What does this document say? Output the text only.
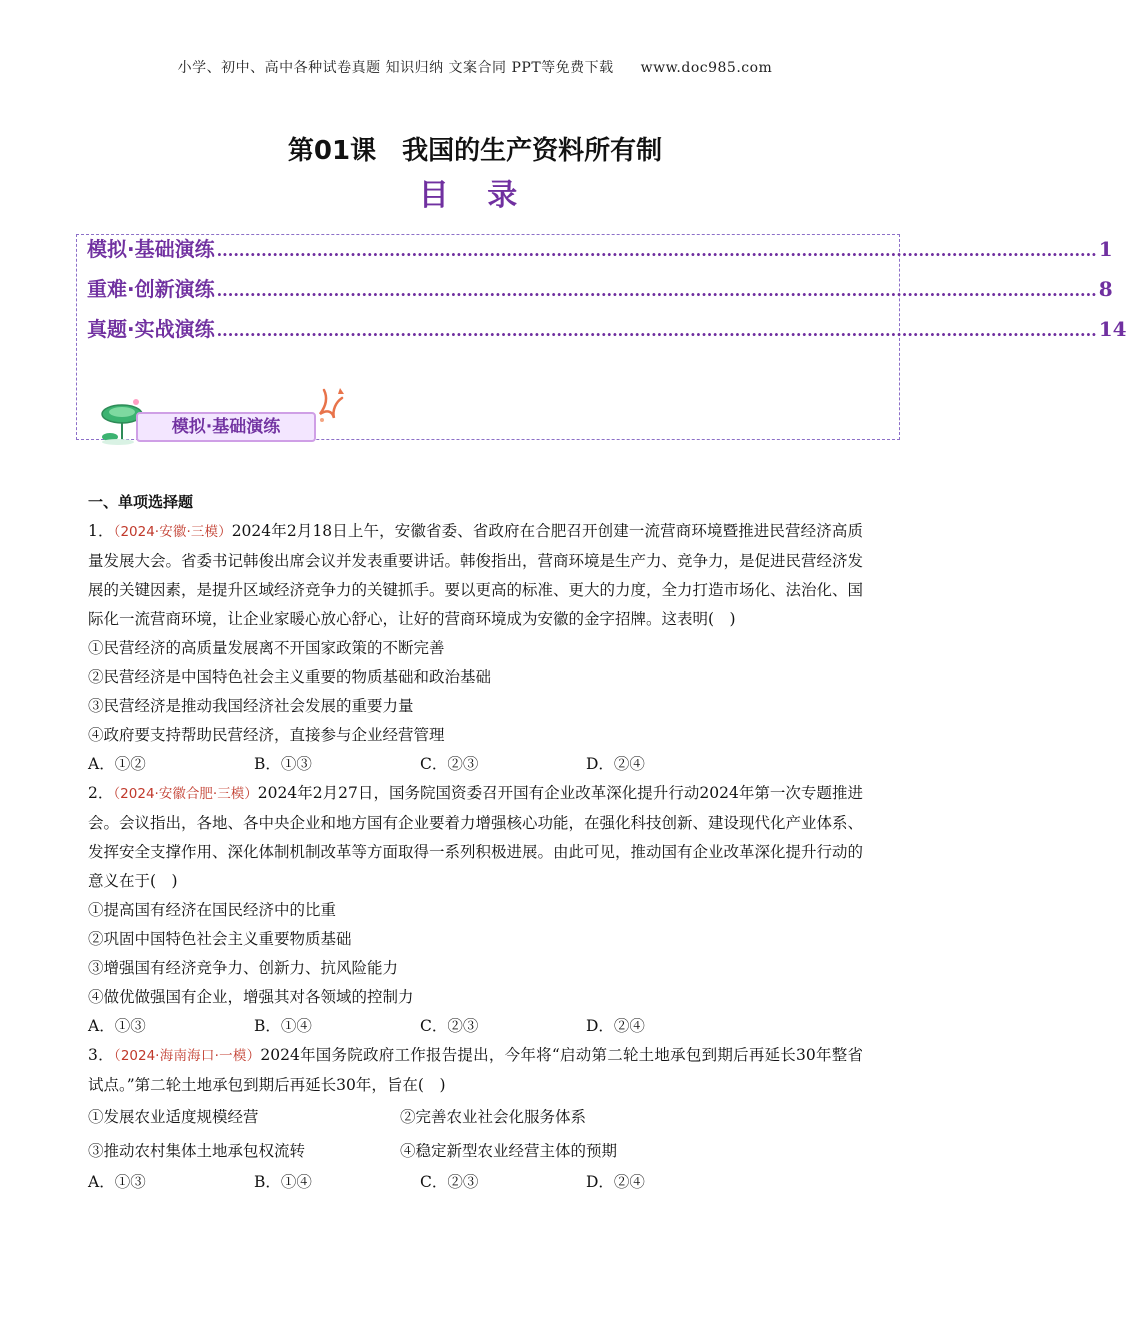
小学、初中、高中各种试卷真题 知识归纳 文案合同 PPT等免费下载 www.doc985.com
第01课　我国的生产资料所有制
目 录
模拟·基础演练 .............................................................................................................................................................. 1
重难·创新演练 .............................................................................................................................................................. 8
真题·实战演练 .............................................................................................................................................................. 14
模拟·基础演练
一、单项选择题
1．（2024·安徽·三模）2024年2月18日上午，安徽省委、省政府在合肥召开创建一流营商环境暨推进民营经济高质量发展大会。省委书记韩俊出席会议并发表重要讲话。韩俊指出，营商环境是生产力、竞争力，是促进民营经济发展的关键因素，是提升区域经济竞争力的关键抓手。要以更高的标准、更大的力度，全力打造市场化、法治化、国际化一流营商环境，让企业家暖心放心舒心，让好的营商环境成为安徽的金字招牌。这表明(　)
①民营经济的高质量发展离不开国家政策的不断完善
②民营经济是中国特色社会主义重要的物质基础和政治基础
③民营经济是推动我国经济社会发展的重要力量
④政府要支持帮助民营经济，直接参与企业经营管理
A．①②	B．①③	C．②③	D．②④
2．（2024·安徽合肥·三模）2024年2月27日，国务院国资委召开国有企业改革深化提升行动2024年第一次专题推进会。会议指出，各地、各中央企业和地方国有企业要着力增强核心功能，在强化科技创新、建设现代化产业体系、发挥安全支撑作用、深化体制机制改革等方面取得一系列积极进展。由此可见，推动国有企业改革深化提升行动的意义在于(　)
①提高国有经济在国民经济中的比重
②巩固中国特色社会主义重要物质基础
③增强国有经济竞争力、创新力、抗风险能力
④做优做强国有企业，增强其对各领域的控制力
A．①③	B．①④	C．②③	D．②④
3．（2024·海南海口·一模）2024年国务院政府工作报告提出，今年将“启动第二轮土地承包到期后再延长30年整省试点。”第二轮土地承包到期后再延长30年，旨在(　)
①发展农业适度规模经营	②完善农业社会化服务体系
③推动农村集体土地承包权流转	④稳定新型农业经营主体的预期
A．①③	B．①④	C．②③	D．②④
